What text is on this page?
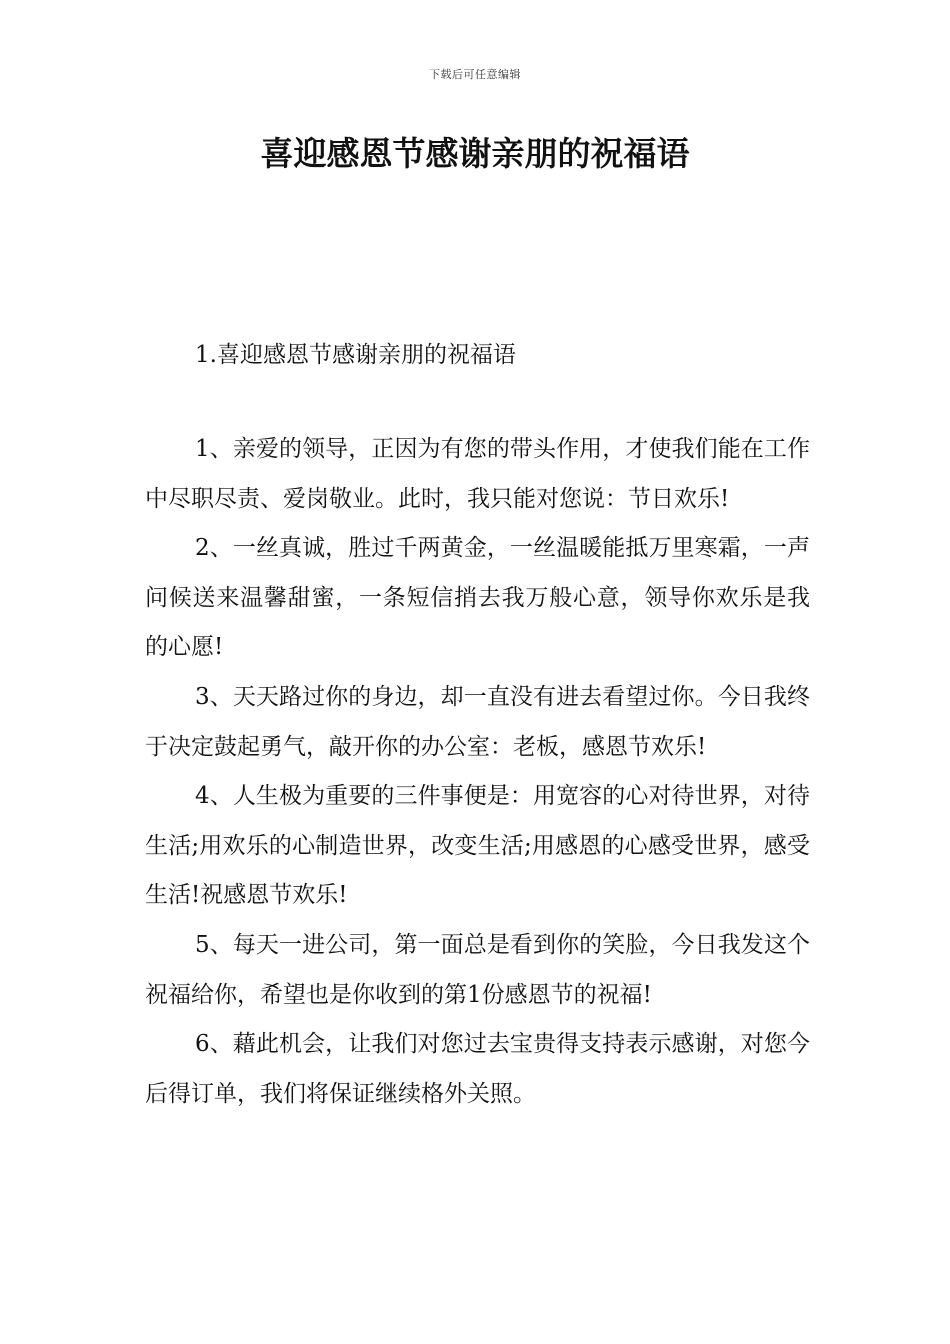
下载后可任意编辑
喜迎感恩节感谢亲朋的祝福语

1.喜迎感恩节感谢亲朋的祝福语

1、亲爱的领导，正因为有您的带头作用，才使我们能在工作中尽职尽责、爱岗敬业。此时，我只能对您说：节日欢乐!

2、一丝真诚，胜过千两黄金，一丝温暖能抵万里寒霜，一声问候送来温馨甜蜜，一条短信捎去我万般心意，领导你欢乐是我的心愿!

3、天天路过你的身边，却一直没有进去看望过你。今日我终于决定鼓起勇气，敲开你的办公室：老板，感恩节欢乐!

4、人生极为重要的三件事便是：用宽容的心对待世界，对待生活;用欢乐的心制造世界，改变生活;用感恩的心感受世界，感受生活!祝感恩节欢乐!

5、每天一进公司，第一面总是看到你的笑脸，今日我发这个祝福给你，希望也是你收到的第1份感恩节的祝福!

6、藉此机会，让我们对您过去宝贵得支持表示感谢，对您今后得订单，我们将保证继续格外关照。
